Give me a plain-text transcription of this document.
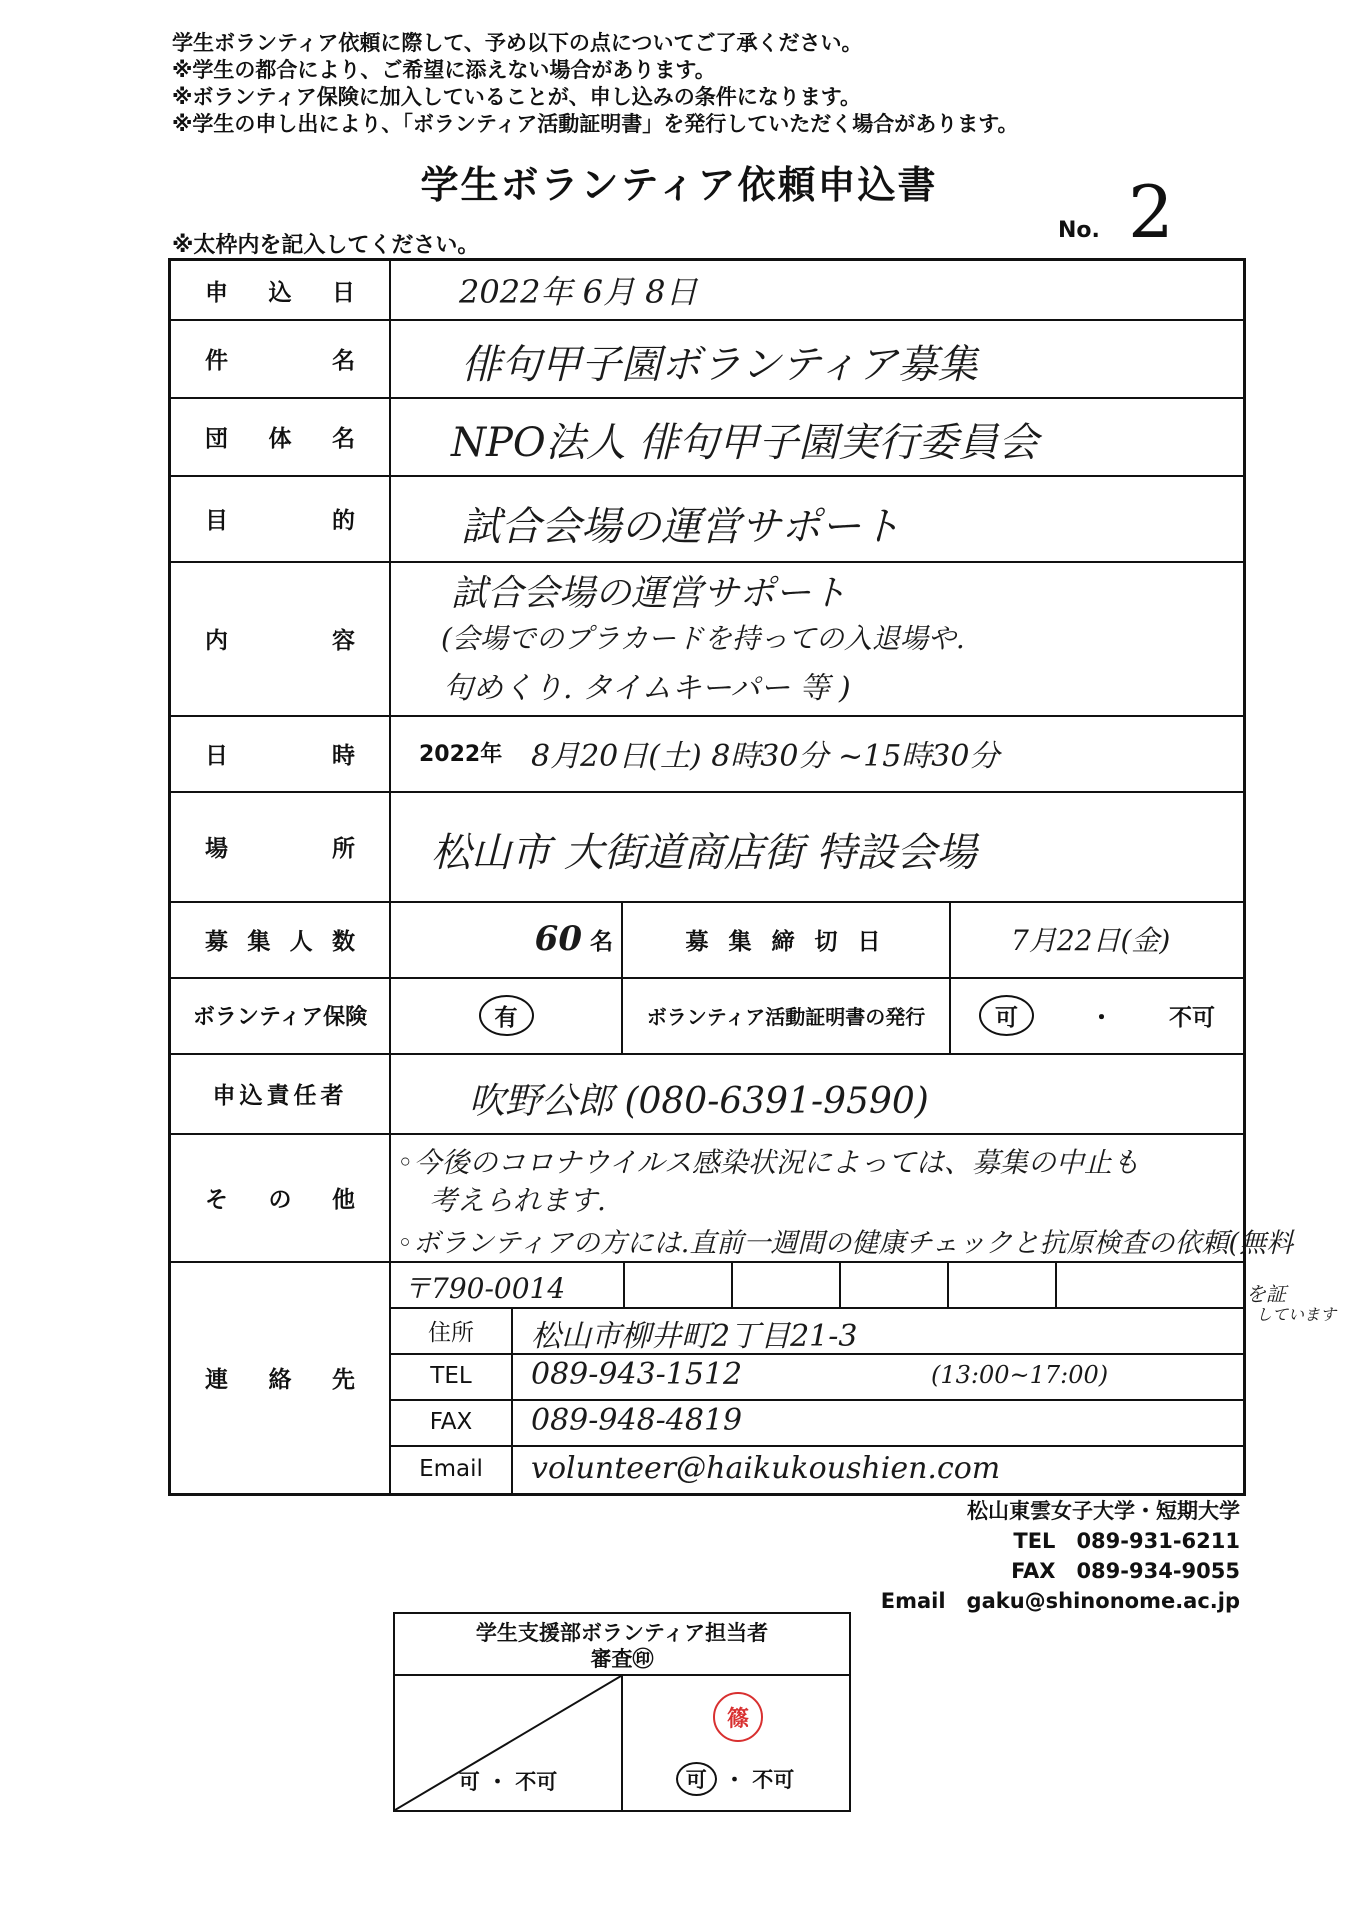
学生ボランティア依頼に際して、予め以下の点についてご了承ください。
※学生の都合により、ご希望に添えない場合があります。
※ボランティア保険に加入していることが、申し込みの条件になります。
※学生の申し出により、「ボランティア活動証明書」を発行していただく場合があります。
学生ボランティア依頼申込書
※太枠内を記入してください。
No. 2
申 込 日	2022年 6月 8日
件	名	俳句甲子園ボランティア募集
団 体 名 NPO法人 俳句甲子園実行委員会
目	的	試合会場の運営サポート
内	容
試合会場の運営サポート
(会場でのプラカードを持っての入退場や.
句めくり. タイムキーパー 等 )
日	時	2022年 8月20日(土) 8時30分 ~15時30分
場	所 松山市 大街道商店街 特設会場
募 集 人 数	60 名	募 集 締 切 日	7月22日(金)
ボランティア保険	有	ボランティア活動証明書の発行	可	・ 不可
申込責任者	吹野公郎 (080-6391-9590)
そ の 他
◦今後のコロナウイルス感染状況によっては、募集の中止も
考えられます.
◦ボランティアの方には.直前一週間の健康チェックと抗原検査の依頼(無料
連 絡 先
〒790-0014
住所	松山市柳井町2丁目21-3
TEL	089-943-1512	(13:00~17:00)
FAX	089-948-4819
Email	volunteer@haikukoushien.com
を証
しています
松山東雲女子大学・短期大学
TEL　089-931-6211
FAX　089-934-9055
Email　gaku@shinonome.ac.jp
学生支援部ボランティア担当者
審査㊞
可 ・ 不可
篠
可 ・ 不可
